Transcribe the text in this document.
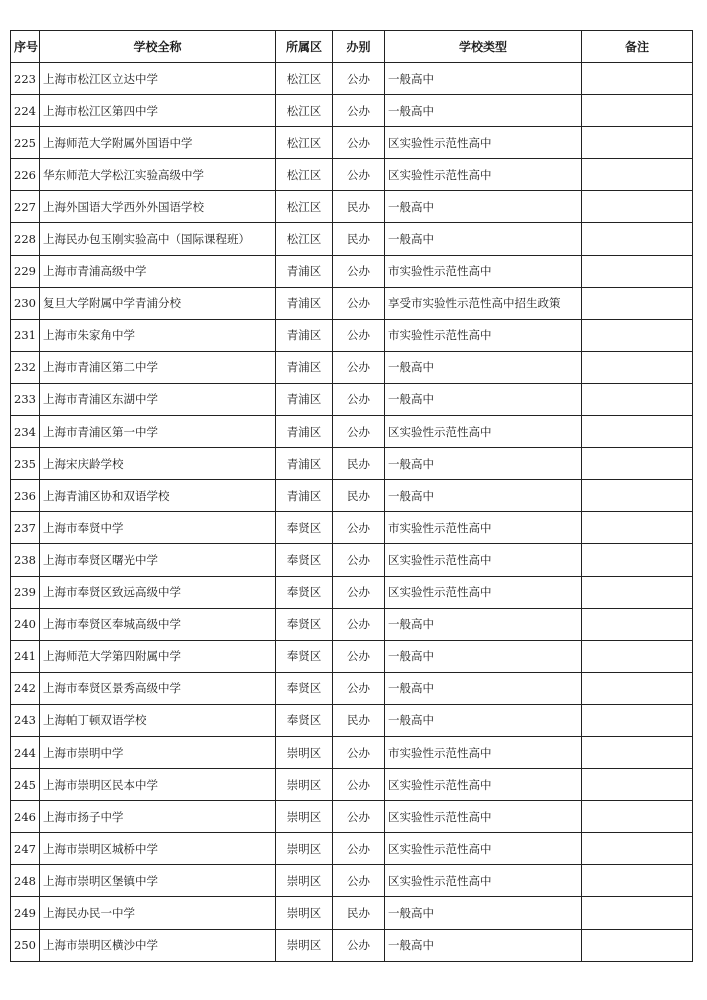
序号	学校全称	所属区	办别	学校类型	备注
223	上海市松江区立达中学	松江区	公办	一般高中	
224	上海市松江区第四中学	松江区	公办	一般高中	
225	上海师范大学附属外国语中学	松江区	公办	区实验性示范性高中	
226	华东师范大学松江实验高级中学	松江区	公办	区实验性示范性高中	
227	上海外国语大学西外外国语学校	松江区	民办	一般高中	
228	上海民办包玉刚实验高中（国际课程班）	松江区	民办	一般高中	
229	上海市青浦高级中学	青浦区	公办	市实验性示范性高中	
230	复旦大学附属中学青浦分校	青浦区	公办	享受市实验性示范性高中招生政策	
231	上海市朱家角中学	青浦区	公办	市实验性示范性高中	
232	上海市青浦区第二中学	青浦区	公办	一般高中	
233	上海市青浦区东湖中学	青浦区	公办	一般高中	
234	上海市青浦区第一中学	青浦区	公办	区实验性示范性高中	
235	上海宋庆龄学校	青浦区	民办	一般高中	
236	上海青浦区协和双语学校	青浦区	民办	一般高中	
237	上海市奉贤中学	奉贤区	公办	市实验性示范性高中	
238	上海市奉贤区曙光中学	奉贤区	公办	区实验性示范性高中	
239	上海市奉贤区致远高级中学	奉贤区	公办	区实验性示范性高中	
240	上海市奉贤区奉城高级中学	奉贤区	公办	一般高中	
241	上海师范大学第四附属中学	奉贤区	公办	一般高中	
242	上海市奉贤区景秀高级中学	奉贤区	公办	一般高中	
243	上海帕丁顿双语学校	奉贤区	民办	一般高中	
244	上海市崇明中学	崇明区	公办	市实验性示范性高中	
245	上海市崇明区民本中学	崇明区	公办	区实验性示范性高中	
246	上海市扬子中学	崇明区	公办	区实验性示范性高中	
247	上海市崇明区城桥中学	崇明区	公办	区实验性示范性高中	
248	上海市崇明区堡镇中学	崇明区	公办	区实验性示范性高中	
249	上海民办民一中学	崇明区	民办	一般高中	
250	上海市崇明区横沙中学	崇明区	公办	一般高中	
